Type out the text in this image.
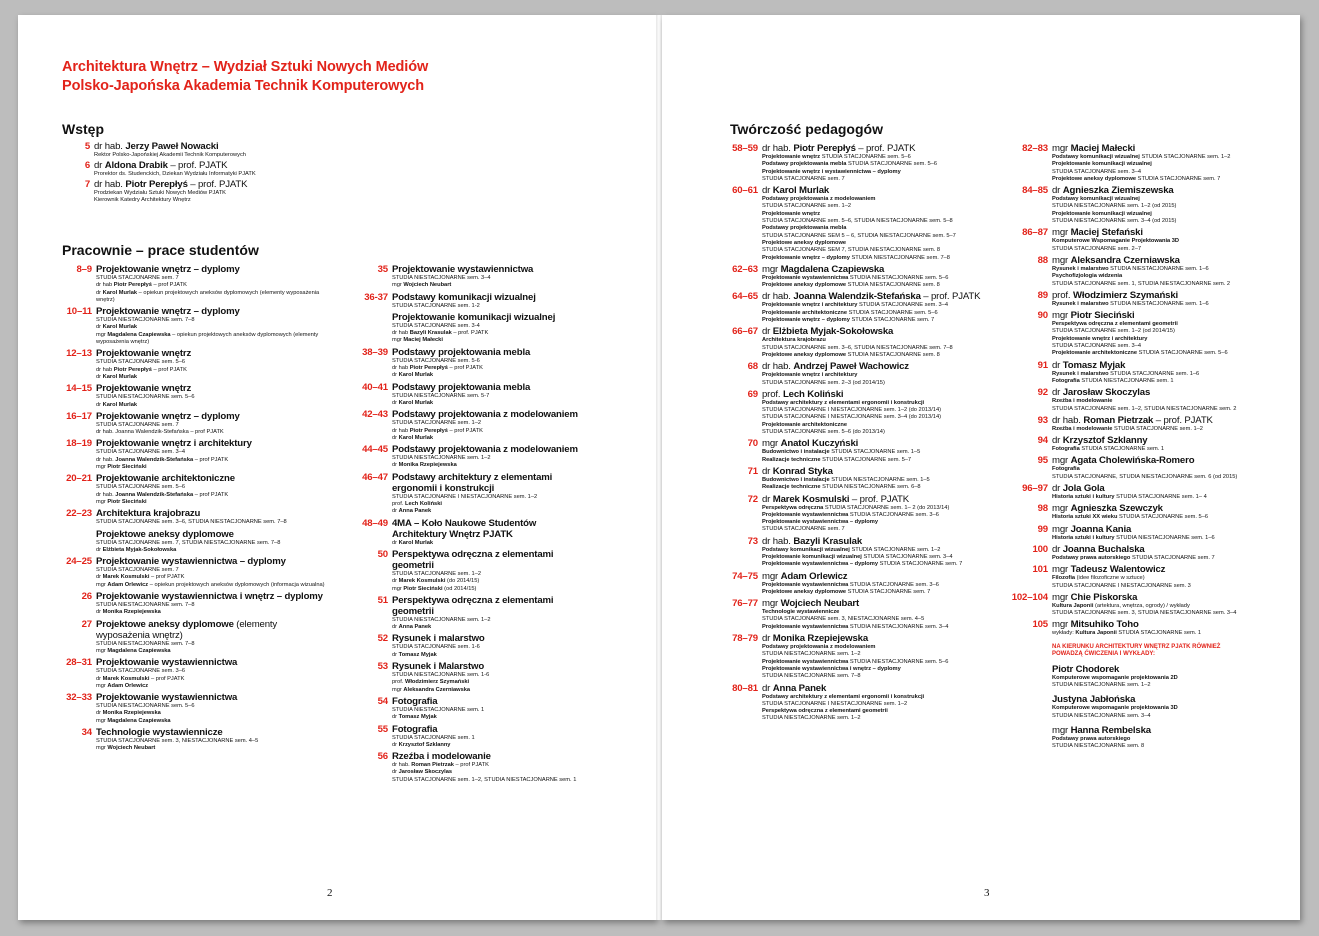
Architektura Wnętrz – Wydział Sztuki Nowych Mediów
Polsko-Japońska Akademia Technik Komputerowych
Wstęp
5 dr hab. Jerzy Paweł Nowacki
Rektor Polsko-Japońskiej Akademii Technik Komputerowych
6 dr Aldona Drabik – prof. PJATK
Prorektor ds. Studenckich, Dziekan Wydziału Informatyki PJATK
7 dr hab. Piotr Perepłyś – prof. PJATK
Prodziekan Wydziału Sztuki Nowych Mediów PJATK
Kierownik Katedry Architektury Wnętrz
Pracownie – prace studentów
8–9 Projektowanie wnętrz – dyplomy
STUDIA STACJONARNE sem. 7
dr hab Piotr Perepłyś – prof PJATK
dr Karol Murlak – opiekun projektowych aneksów dyplomowych (elementy wyposażenia wnętrz)
10–11 Projektowanie wnętrz – dyplomy
STUDIA NIESTACJONARNE sem. 7–8
dr Karol Murlak
mgr Magdalena Czapiewska – opiekun projektowych aneksów dyplomowych (elementy wyposażenia wnętrz)
12–13 Projektowanie wnętrz
STUDIA STACJONARNE sem. 5–6
dr hab Piotr Perepłyś – prof PJATK
dr Karol Murlak
14–15 Projektowanie wnętrz
STUDIA NIESTACJONARNE sem. 5–6
dr Karol Murlak
16–17 Projektowanie wnętrz – dyplomy
STUDIA STACJONARNE sem. 7
dr hab. Joanna Walendzik-Stefańska – prof PJATK
18–19 Projektowanie wnętrz i architektury
STUDIA STACJONARNE sem. 3–4
dr hab. Joanna Walendzik-Stefańska – prof PJATK
mgr Piotr Sieciński
20–21 Projektowanie architektoniczne
STUDIA STACJONARNE sem. 5–6
dr hab. Joanna Walendzik-Stefańska – prof PJATK
mgr Piotr Sieciński
22–23 Architektura krajobrazu
STUDIA STACJONARNE sem. 3–6, STUDIA NIESTACJONARNE sem. 7–8
Projektowe aneksy dyplomowe
STUDIA STACJONARNE sem. 7, STUDIA NIESTACJONARNE sem. 7–8
dr Elżbieta Myjak-Sokołowska
24–25 Projektowanie wystawiennictwa – dyplomy
STUDIA STACJONARNE sem. 7
dr Marek Kosmulski – prof PJATK
mgr Adam Orlewicz – opiekun projektowych aneksów dyplomowych (informacja wizualna)
26 Projektowanie wystawiennictwa i wnętrz – dyplomy
STUDIA NIESTACJONARNE sem. 7–8
dr Monika Rzepiejewska
27 Projektowe aneksy dyplomowe (elementy wyposażenia wnętrz)
STUDIA NIESTACJONARNE sem. 7–8
mgr Magdalena Czapiewska
28–31 Projektowanie wystawiennictwa
STUDIA STACJONARNE sem. 3–6
dr Marek Kosmulski – prof PJATK
mgr Adam Orlewicz
32–33 Projektowanie wystawiennictwa
STUDIA NIESTACJONARNE sem. 5–6
dr Monika Rzepiejewska
mgr Magdalena Czapiewska
34 Technologie wystawiennicze
STUDIA STACJONARNE sem. 3, NIESTACJONARNE sem. 4–5
mgr Wojciech Neubart
35 Projektowanie wystawiennictwa
STUDIA NIESTACJONARNE sem. 3–4
mgr Wojciech Neubart
36-37 Podstawy komunikacji wizualnej
STUDIA STACJONARNE sem. 1-2
Projektowanie komunikacji wizualnej
STUDIA STACJONARNE sem. 3-4
dr hab Bazyli Krasulak – prof. PJATK
mgr Maciej Małecki
38–39 Podstawy projektowania mebla
STUDIA STACJONARNE sem. 5-6
dr hab Piotr Perepłyś – prof PJATK
dr Karol Murlak
40–41 Podstawy projektowania mebla
STUDIA NIESTACJONARNE sem. 5-7
dr Karol Murlak
42–43 Podstawy projektowania z modelowaniem
STUDIA STACJONARNE sem. 1–2
dr hab Piotr Perepłyś – prof PJATK
dr Karol Murlak
44–45 Podstawy projektowania z modelowaniem
STUDIA NIESTACJONARNE sem. 1–2
dr Monika Rzepiejewska
46–47 Podstawy architektury z elementami ergonomii i konstrukcji
STUDIA STACJONARNE I NIESTACJONARNE sem. 1–2
prof. Lech Koliński
dr Anna Panek
48–49 4MA – Koło Naukowe Studentów Architektury Wnętrz PJATK
dr Karol Murlak
50 Perspektywa odręczna z elementami geometrii
STUDIA STACJONARNE sem. 1–2
dr Marek Kosmulski (do 2014/15)
mgr Piotr Sieciński (od 2014/15)
51 Perspektywa odręczna z elementami geometrii
STUDIA NIESTACJONARNE sem. 1–2
dr Anna Panek
52 Rysunek i malarstwo
STUDIA STACJONARNE sem. 1-6
dr Tomasz Myjak
53 Rysunek i Malarstwo
STUDIA NIESTACJONARNE sem. 1-6
prof. Włodzimierz Szymański
mgr Aleksandra Czerniawska
54 Fotografia
STUDIA NIESTACJONARNE sem. 1
dr Tomasz Myjak
55 Fotografia
STUDIA STACJONARNE sem. 1
dr Krzysztof Szklanny
56 Rzeźba i modelowanie
dr hab. Roman Pietrzak – prof PJATK
dr Jarosław Skoczylas
STUDIA STACJONARNE sem. 1–2, STUDIA NIESTACJONARNE sem. 1
2
Twórczość pedagogów
58–59 dr hab. Piotr Perepłyś – prof. PJATK
Projektowanie wnętrz STUDIA STACJONARNE sem. 5–6
Podstawy projektowania mebla STUDIA STACJONARNE sem. 5–6
Projektowanie wnętrz i wystawiennictwa – dyplomy
STUDIA STACJONARNE sem. 7
60–61 dr Karol Murlak
Podstawy projektowania z modelowaniem
STUDIA STACJONARNE sem. 1–2
Projektowanie wnętrz
STUDIA STACJONARNE sem. 5–6, STUDIA NIESTACJONARNE sem. 5–8
Podstawy projektowania mebla
STUDIA STACJONARNE SEM 5 – 6, STUDIA NIESTACJONARNE sem. 5–7
Projektowe aneksy dyplomowe
STUDIA STACJONARNE SEM 7, STUDIA NIESTACJONARNE sem. 8
Projektowanie wnętrz – dyplomy STUDIA NIESTACJONARNE sem. 7–8
62–63 mgr Magdalena Czapiewska
Projektowanie wystawiennictwa STUDIA NIESTACJONARNE sem. 5–6
Projektowe aneksy dyplomowe STUDIA NIESTACJONARNE sem. 8
64–65 dr hab. Joanna Walendzik-Stefańska – prof. PJATK
Projektowanie wnętrz i architektury STUDIA STACJONARNE sem. 3–4
Projektowanie architektoniczne STUDIA STACJONARNE sem. 5–6
Projektowanie wnętrz – dyplomy STUDIA STACJONARNE sem. 7
66–67 dr Elżbieta Myjak-Sokołowska
Architektura krajobrazu
STUDIA STACJONARNE sem. 3–6, STUDIA NIESTACJONARNE sem. 7–8
Projektowe aneksy dyplomowe STUDIA NIESTACJONARNE sem. 8
68 dr hab. Andrzej Paweł Wachowicz
Projektowanie wnętrz i architektury
STUDIA STACJONARNE sem. 2–3 (od 2014/15)
69 prof. Lech Koliński
Podstawy architektury z elementami ergonomii i konstrukcji
STUDIA STACJONARNE I NIESTACJONARNE sem. 1–2 (do 2013/14)
STUDIA STACJONARNE I NIESTACJONARNE sem. 3–4 (do 2013/14)
Projektowanie architektoniczne
STUDIA STACJONARNE sem. 5–6 (do 2013/14)
70 mgr Anatol Kuczyński
Budownictwo i instalacje STUDIA STACJONARNE sem. 1–5
Realizacje techniczne STUDIA STACJONARNE sem. 5–7
71 dr Konrad Styka
Budownictwo i instalacje STUDIA NIESTACJONARNE sem. 1–5
Realizacje techniczne STUDIA NIESTACJONARNE sem. 6–8
72 dr Marek Kosmulski – prof. PJATK
Perspektywa odręczna STUDIA STACJONARNE sem. 1– 2 (do 2013/14)
Projektowanie wystawiennictwa STUDIA STACJONARNE sem. 3–6
Projektowanie wystawiennictwa – dyplomy
STUDIA STACJONARNE sem. 7
73 dr hab. Bazyli Krasulak
Podstawy komunikacji wizualnej STUDIA STACJONARNE sem. 1–2
Projektowanie komunikacji wizualnej STUDIA STACJONARNE sem. 3–4
Projektowanie wystawiennictwa – dyplomy STUDIA STACJONARNE sem. 7
74–75 mgr Adam Orlewicz
Projektowanie wystawiennictwa STUDIA STACJONARNE sem. 3–6
Projektowe aneksy dyplomowe STUDIA STACJONARNE sem. 7
76–77 mgr Wojciech Neubart
Technologie wystawiennicze
STUDIA STACJONARNE sem. 3, NIESTACJONARNE sem. 4–5
Projektowanie wystawiennictwa STUDIA NIESTACJONARNE sem. 3–4
78–79 dr Monika Rzepiejewska
Podstawy projektowania z modelowaniem
STUDIA NIESTACJONARNE sem. 1–2
Projektowanie wystawiennictwa STUDIA NIESTACJONARNE sem. 5–6
Projektowanie wystawiennictwa i wnętrz – dyplomy
STUDIA NIESTACJONARNE sem. 7–8
80–81 dr Anna Panek
Podstawy architektury z elementami ergonomii i konstrukcji
STUDIA STACJONARNE I NIESTACJONARNE sem. 1–2
Perspektywa odręczna z elementami geometrii
STUDIA NIESTACJONARNE sem. 1–2
82–83 mgr Maciej Małecki
Podstawy komunikacji wizualnej STUDIA STACJONARNE sem. 1–2
Projektowanie komunikacji wizualnej
STUDIA STACJONARNE sem. 3–4
Projektowe aneksy dyplomowe STUDIA STACJONARNE sem. 7
84–85 dr Agnieszka Ziemiszewska
Podstawy komunikacji wizualnej
STUDIA NIESTACJONARNE sem. 1–2 (od 2015)
Projektowanie komunikacji wizualnej
STUDIA NIESTACJONARNE sem. 3–4 (od 2015)
86–87 mgr Maciej Stefański
Komputerowe Wspomaganie Projektowania 3D
STUDIA STACJONARNE sem. 2–7
88 mgr Aleksandra Czerniawska
Rysunek i malarstwo STUDIA NIESTACJONARNE sem. 1–6
Psychofizjologia widzenia
STUDIA STACJONARNE sem. 1, STUDIA NIESTACJONARNE sem. 2
89 prof. Włodzimierz Szymański
Rysunek i malarstwo STUDIA NIESTACJONARNE sem. 1–6
90 mgr Piotr Sieciński
Perspektywa odręczna z elementami geometrii
STUDIA STACJONARNE sem. 1–2 (od 2014/15)
Projektowanie wnętrz i architektury
STUDIA STACJONARNE sem. 3–4
Projektowanie architektoniczne STUDIA STACJONARNE sem. 5–6
91 dr Tomasz Myjak
Rysunek i malarstwo STUDIA STACJONARNE sem. 1–6
Fotografia STUDIA NIESTACJONARNE sem. 1
92 dr Jarosław Skoczylas
Rzeźba i modelowanie
STUDIA STACJONARNE sem. 1–2, STUDIA NIESTACJONARNE sem. 2
93 dr hab. Roman Pietrzak – prof. PJATK
Rzeźba i modelowanie STUDIA STACJONARNE sem. 1–2
94 dr Krzysztof Szklanny
Fotografia STUDIA STACJONARNE sem. 1
95 mgr Agata Cholewińska-Romero
Fotografia
STUDIA STACJONARNE, STUDIA NIESTACJONARNE sem. 6 (od 2015)
96–97 dr Jola Gola
Historia sztuki i kultury STUDIA STACJONARNE sem. 1– 4
98 mgr Agnieszka Szewczyk
Historia sztuki XX wieku STUDIA STACJONARNE sem. 5–6
99 mgr Joanna Kania
Historia sztuki i kultury STUDIA NIESTACJONARNE sem. 1–6
100 dr Joanna Buchalska
Podstawy prawa autorskiego STUDIA STACJONARNE sem. 7
101 mgr Tadeusz Walentowicz
Filozofia (idee filozoficzne w sztuce)
STUDIA STACJONARNE I NIESTACJONARNE sem. 3
102–104 mgr Chie Piskorska
Kultura Japonii (artektura, wnętrza, ogrody) / wykłady
STUDIA STACJONARNE sem. 3, STUDIA NIESTACJONARNE sem. 3–4
105 mgr Mitsuhiko Toho
wykłady: Kultura Japonii STUDIA STACJONARNE sem. 1
NA KIERUNKU ARCHITEKTURY WNĘTRZ PJATK RÓWNIEŻ
POWADZĄ ĆWICZENIA I WYKŁADY:
Piotr Chodorek
Komputerowe wspomaganie projektowania 2D
STUDIA NIESTACJONARNE sem. 1–2
Justyna Jabłońska
Komputerowe wspomaganie projektowania 3D
STUDIA NIESTACJONARNE sem. 3–4
mgr Hanna Rembelska
Podstawy prawa autorskiego
STUDIA NIESTACJONARNE sem. 8
3
